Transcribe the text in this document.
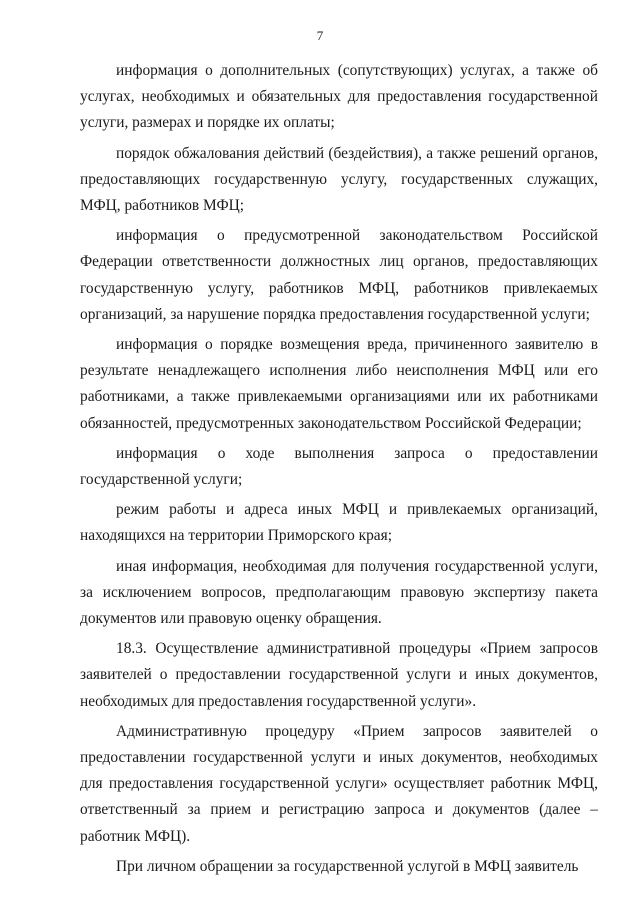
7

информация о дополнительных (сопутствующих) услугах, а также об услугах, необходимых и обязательных для предоставления государственной услуги, размерах и порядке их оплаты;

порядок обжалования действий (бездействия), а также решений органов, предоставляющих государственную услугу, государственных служащих, МФЦ, работников МФЦ;

информация о предусмотренной законодательством Российской Федерации ответственности должностных лиц органов, предоставляющих государственную услугу, работников МФЦ, работников привлекаемых организаций, за нарушение порядка предоставления государственной услуги;

информация о порядке возмещения вреда, причиненного заявителю в результате ненадлежащего исполнения либо неисполнения МФЦ или его работниками, а также привлекаемыми организациями или их работниками обязанностей, предусмотренных законодательством Российской Федерации;

информация о ходе выполнения запроса о предоставлении государственной услуги;

режим работы и адреса иных МФЦ и привлекаемых организаций, находящихся на территории Приморского края;

иная информация, необходимая для получения государственной услуги, за исключением вопросов, предполагающим правовую экспертизу пакета документов или правовую оценку обращения.

18.3. Осуществление административной процедуры «Прием запросов заявителей о предоставлении государственной услуги и иных документов, необходимых для предоставления государственной услуги».

Административную процедуру «Прием запросов заявителей о предоставлении государственной услуги и иных документов, необходимых для предоставления государственной услуги» осуществляет работник МФЦ, ответственный за прием и регистрацию запроса и документов (далее – работник МФЦ).

При личном обращении за государственной услугой в МФЦ заявитель
